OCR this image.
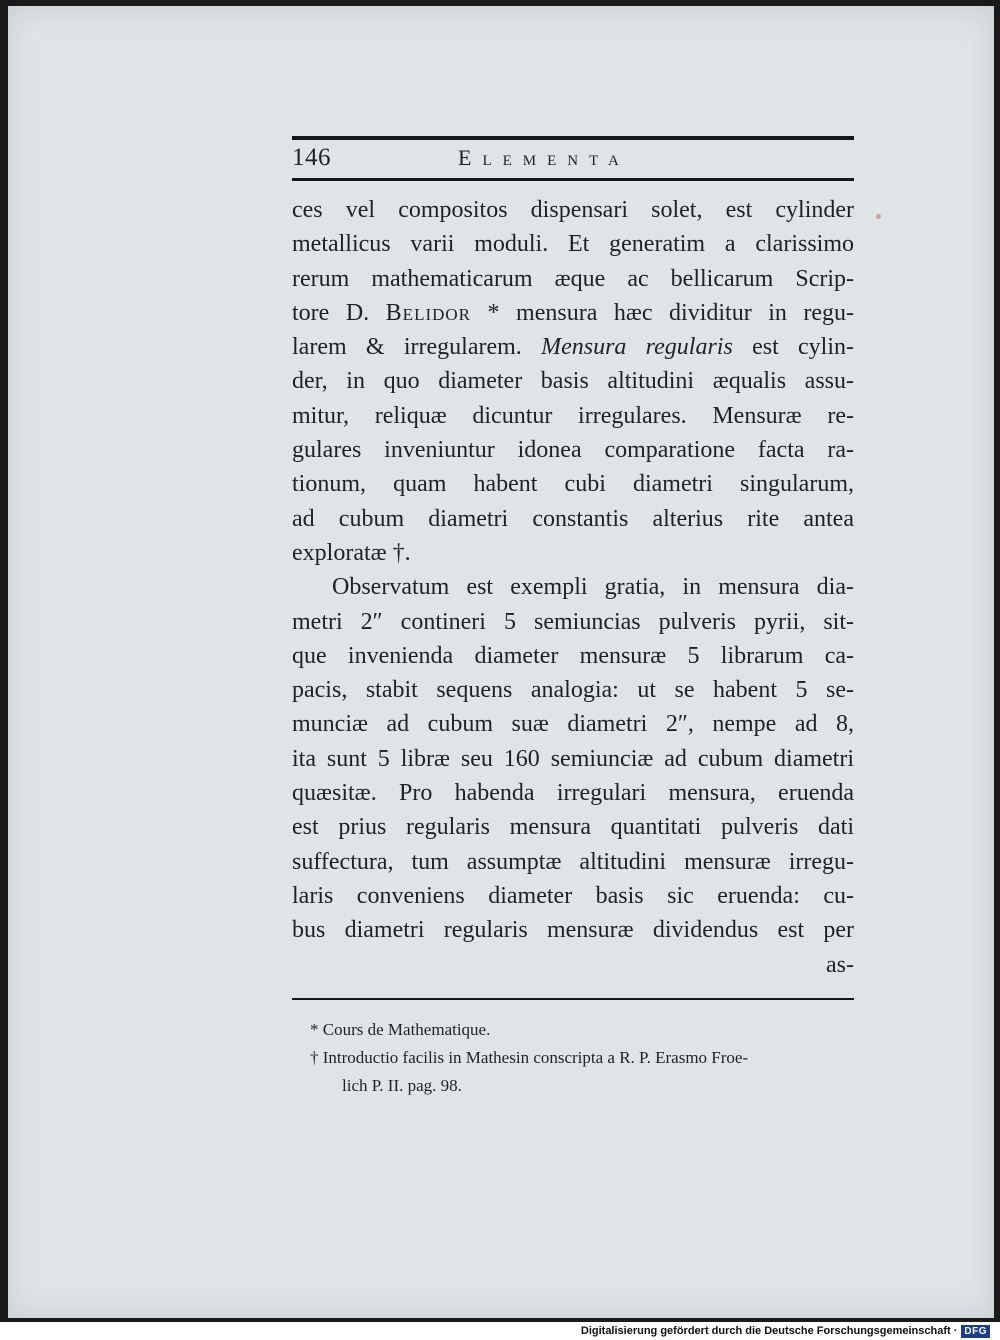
146	Elementa
ces vel compositos dispensari solet, est cylinder
metallicus varii moduli. Et generatim a clarissimo
rerum mathematicarum æque ac bellicarum Scrip-
tore D. Belidor * mensura hæc dividitur in regu-
larem & irregularem. Mensura regularis est cylin-
der, in quo diameter basis altitudini æqualis assu-
mitur, reliquæ dicuntur irregulares. Mensuræ re-
gulares inveniuntur idonea comparatione facta ra-
tionum, quam habent cubi diametri singularum,
ad cubum diametri constantis alterius rite antea
exploratæ †.
Observatum est exempli gratia, in mensura dia-
metri 2″ contineri 5 semiuncias pulveris pyrii, sit-
que invenienda diameter mensuræ 5 librarum ca-
pacis, stabit sequens analogia: ut se habent 5 se-
munciæ ad cubum suæ diametri 2″, nempe ad 8,
ita sunt 5 libræ seu 160 semiunciæ ad cubum diametri
quæsitæ. Pro habenda irregulari mensura, eruenda
est prius regularis mensura quantitati pulveris dati
suffectura, tum assumptæ altitudini mensuræ irregu-
laris conveniens diameter basis sic eruenda: cu-
bus diametri regularis mensuræ dividendus est per
as-
* Cours de Mathematique.
† Introductio facilis in Mathesin conscripta a R. P. Erasmo Froe-
lich P. II. pag. 98.
Digitalisierung gefördert durch die Deutsche Forschungsgemeinschaft · DFG
